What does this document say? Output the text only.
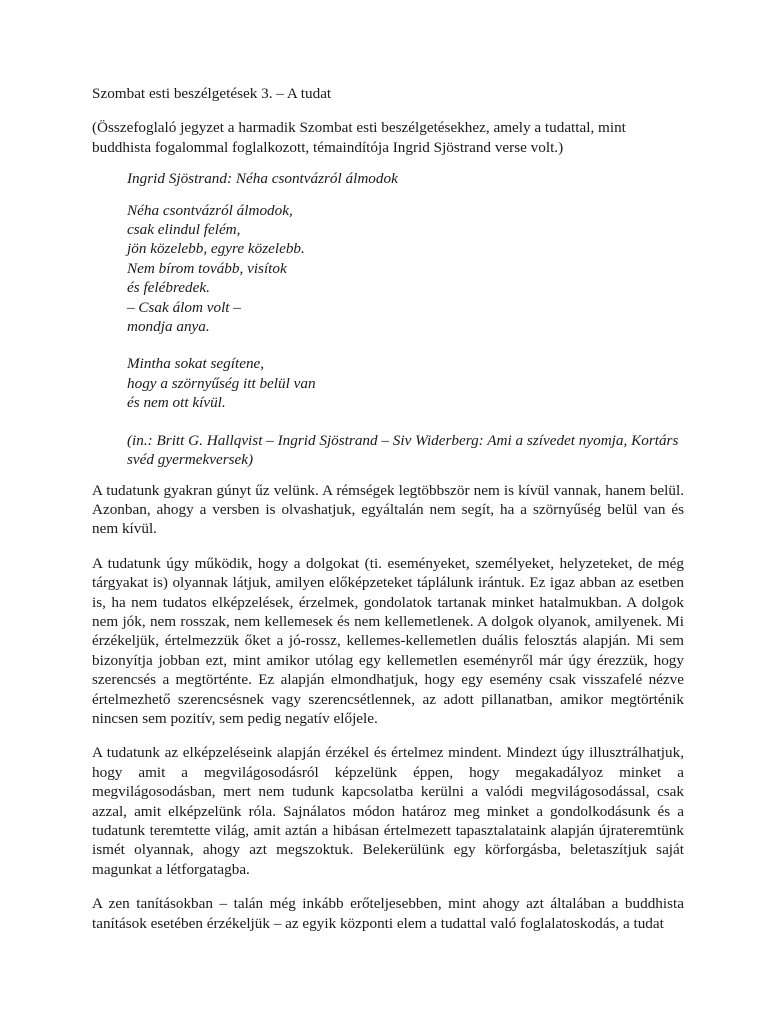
Szombat esti beszélgetések 3. – A tudat

(Összefoglaló jegyzet a harmadik Szombat esti beszélgetésekhez, amely a tudattal, mint buddhista fogalommal foglalkozott, témaindítója Ingrid Sjöstrand verse volt.)

Ingrid Sjöstrand: Néha csontvázról álmodok

Néha csontvázról álmodok,
csak elindul felém,
jön közelebb, egyre közelebb.
Nem bírom tovább, visítok
és felébredek.
– Csak álom volt –
mondja anya.
Mintha sokat segítene,
hogy a szörnyűség itt belül van
és nem ott kívül.

(in.: Britt G. Hallqvist – Ingrid Sjöstrand – Siv Widerberg: Ami a szívedet nyomja, Kortárs svéd gyermekversek)

A tudatunk gyakran gúnyt űz velünk. A rémségek legtöbbször nem is kívül vannak, hanem belül. Azonban, ahogy a versben is olvashatjuk, egyáltalán nem segít, ha a szörnyűség belül van és nem kívül.

A tudatunk úgy működik, hogy a dolgokat (ti. eseményeket, személyeket, helyzeteket, de még tárgyakat is) olyannak látjuk, amilyen előképzeteket táplálunk irántuk. Ez igaz abban az esetben is, ha nem tudatos elképzelések, érzelmek, gondolatok tartanak minket hatalmukban. A dolgok nem jók, nem rosszak, nem kellemesek és nem kellemetlenek. A dolgok olyanok, amilyenek. Mi érzékeljük, értelmezzük őket a jó-rossz, kellemes-kellemetlen duális felosztás alapján. Mi sem bizonyítja jobban ezt, mint amikor utólag egy kellemetlen eseményről már úgy érezzük, hogy szerencsés a megtörténte. Ez alapján elmondhatjuk, hogy egy esemény csak visszafelé nézve értelmezhető szerencsésnek vagy szerencsétlennek, az adott pillanatban, amikor megtörténik nincsen sem pozitív, sem pedig negatív előjele.

A tudatunk az elképzeléseink alapján érzékel és értelmez mindent. Mindezt úgy illusztrálhatjuk, hogy amit a megvilágosodásról képzelünk éppen, hogy megakadályoz minket a megvilágosodásban, mert nem tudunk kapcsolatba kerülni a valódi megvilágosodással, csak azzal, amit elképzelünk róla. Sajnálatos módon határoz meg minket a gondolkodásunk és a tudatunk teremtette világ, amit aztán a hibásan értelmezett tapasztalataink alapján újrateremtünk ismét olyannak, ahogy azt megszoktuk. Belekerülünk egy körforgásba, beletaszítjuk saját magunkat a létforgatagba.

A zen tanításokban – talán még inkább erőteljesebben, mint ahogy azt általában a buddhista tanítások esetében érzékeljük – az egyik központi elem a tudattal való foglalatoskodás, a tudat
